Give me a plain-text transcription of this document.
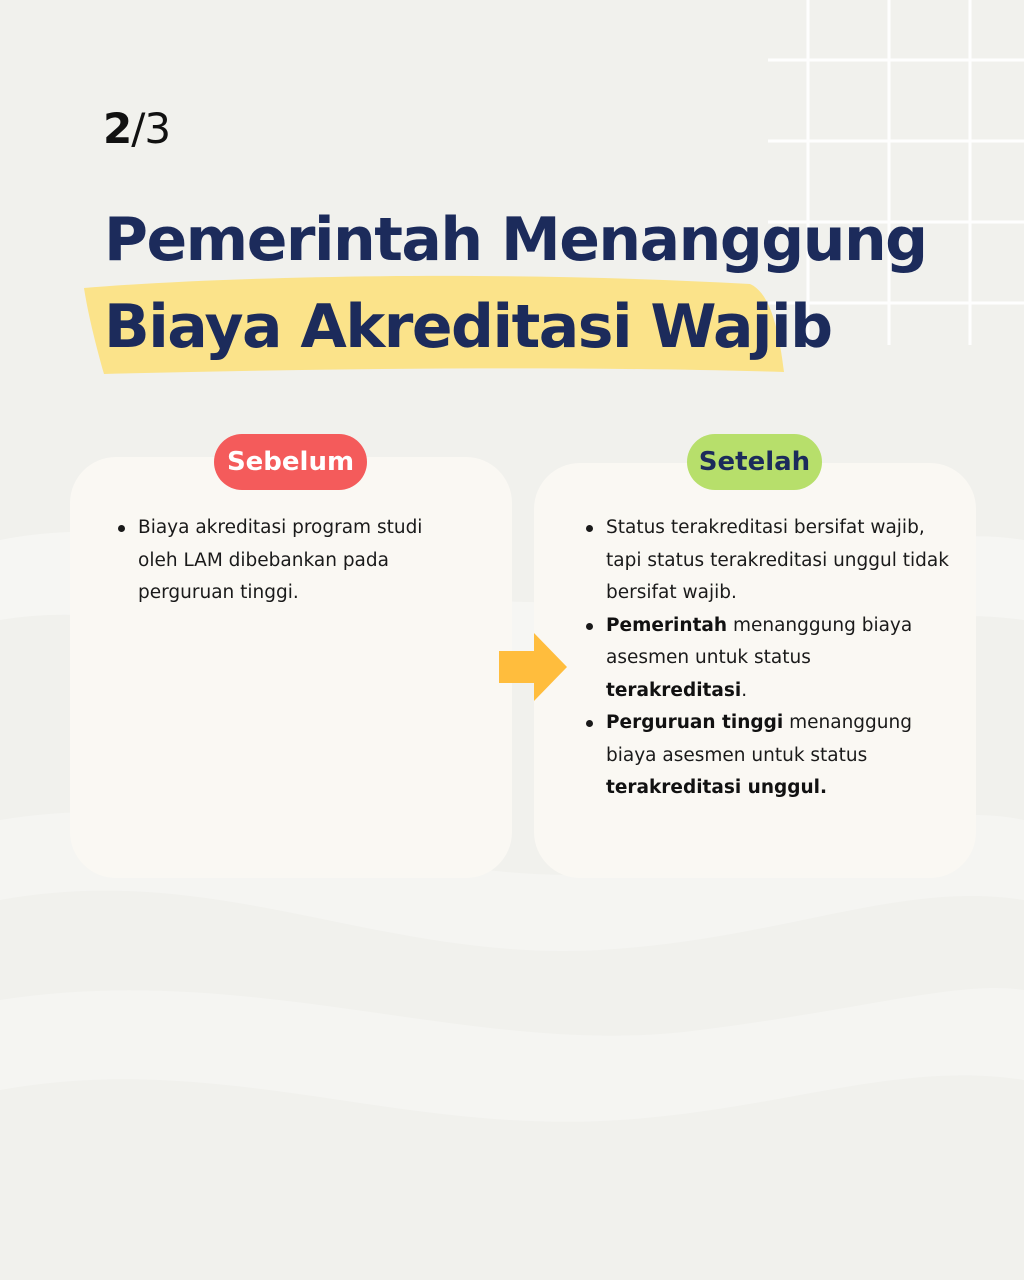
2/3
Pemerintah Menanggung
Biaya Akreditasi Wajib
Sebelum	Setelah
Biaya akreditasi program studi oleh LAM dibebankan pada perguruan tinggi.
Status terakreditasi bersifat wajib, tapi status terakreditasi unggul tidak bersifat wajib.
Pemerintah menanggung biaya asesmen untuk status terakreditasi.
Perguruan tinggi menanggung biaya asesmen untuk status terakreditasi unggul.
